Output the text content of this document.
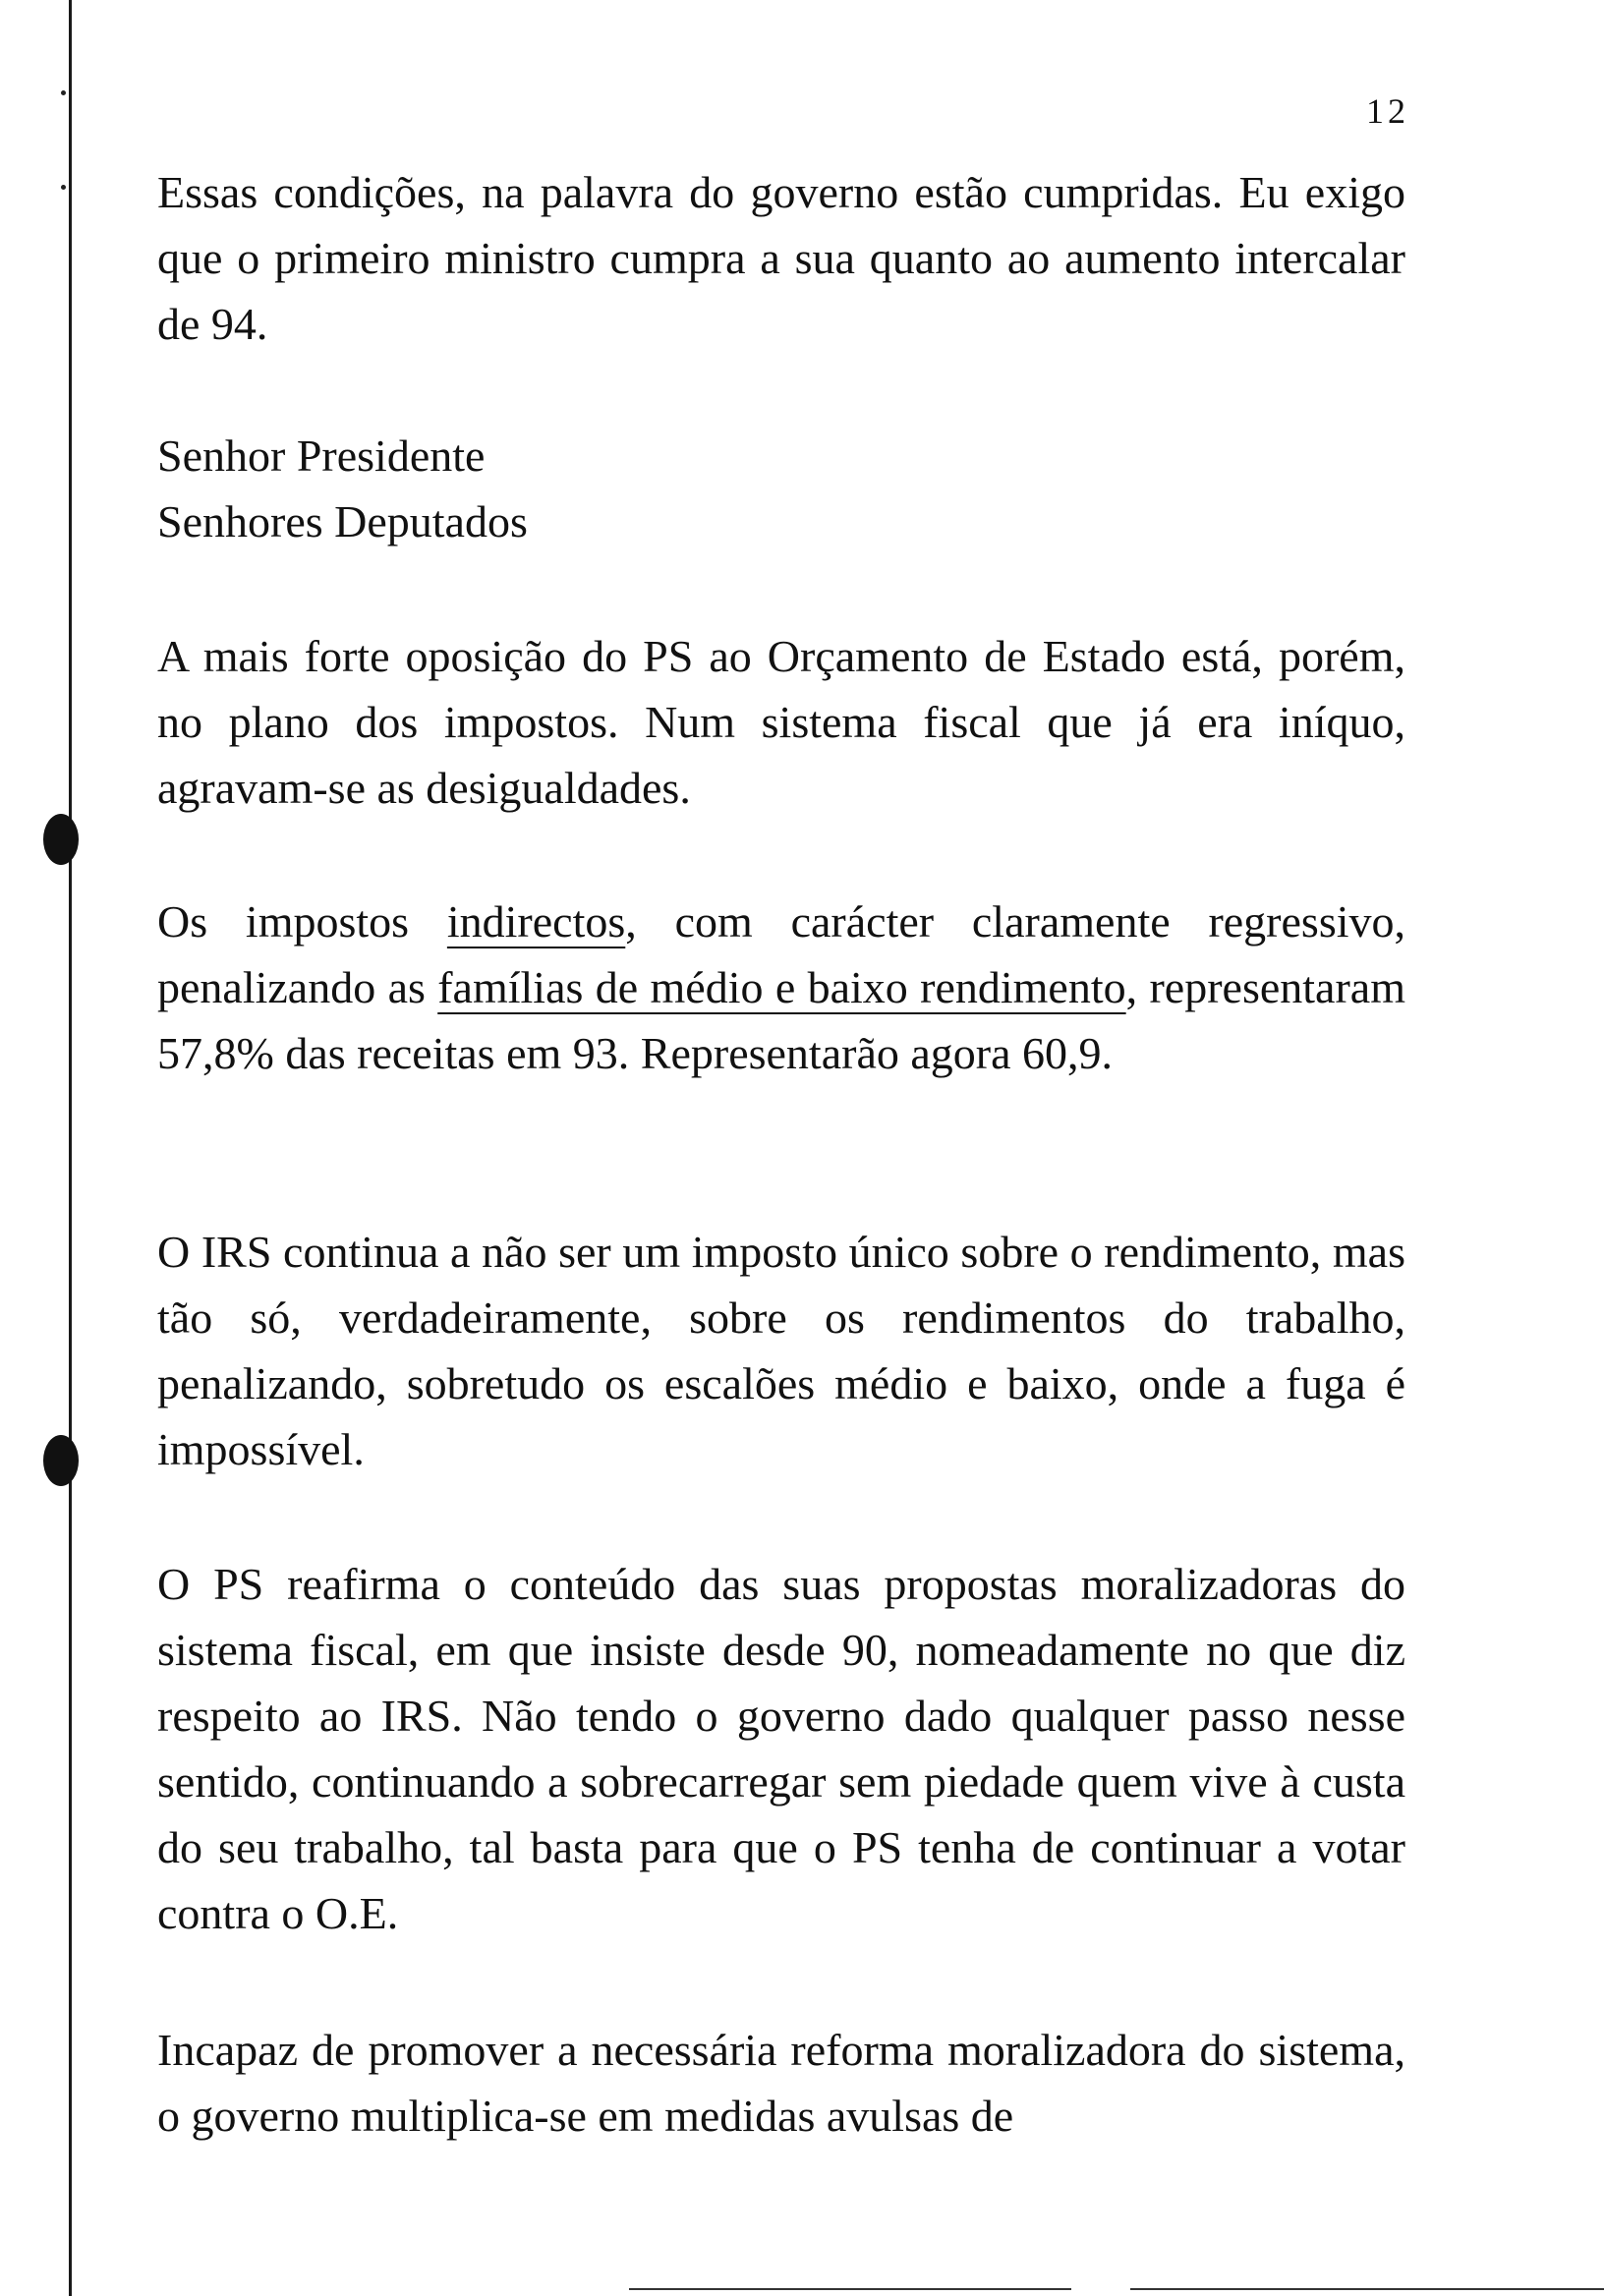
12

Essas condições, na palavra do governo estão cumpridas. Eu exigo que o primeiro ministro cumpra a sua quanto ao aumento intercalar de 94.

Senhor Presidente

Senhores Deputados

A mais forte oposição do PS ao Orçamento de Estado está, porém, no plano dos impostos. Num sistema fiscal que já era iníquo, agravam-se as desigualdades.

Os impostos indirectos, com carácter claramente regressivo, penalizando as famílias de médio e baixo rendimento, representaram 57,8% das receitas em 93. Representarão agora 60,9.

O IRS continua a não ser um imposto único sobre o rendimento, mas tão só, verdadeiramente, sobre os rendimentos do trabalho, penalizando, sobretudo os escalões médio e baixo, onde a fuga é impossível.

O PS reafirma o conteúdo das suas propostas moralizadoras do sistema fiscal, em que insiste desde 90, nomeadamente no que diz respeito ao IRS. Não tendo o governo dado qualquer passo nesse sentido, continuando a sobrecarregar sem piedade quem vive à custa do seu trabalho, tal basta para que o PS tenha de continuar a votar contra o O.E.

Incapaz de promover a necessária reforma moralizadora do sistema, o governo multiplica-se em medidas avulsas de
